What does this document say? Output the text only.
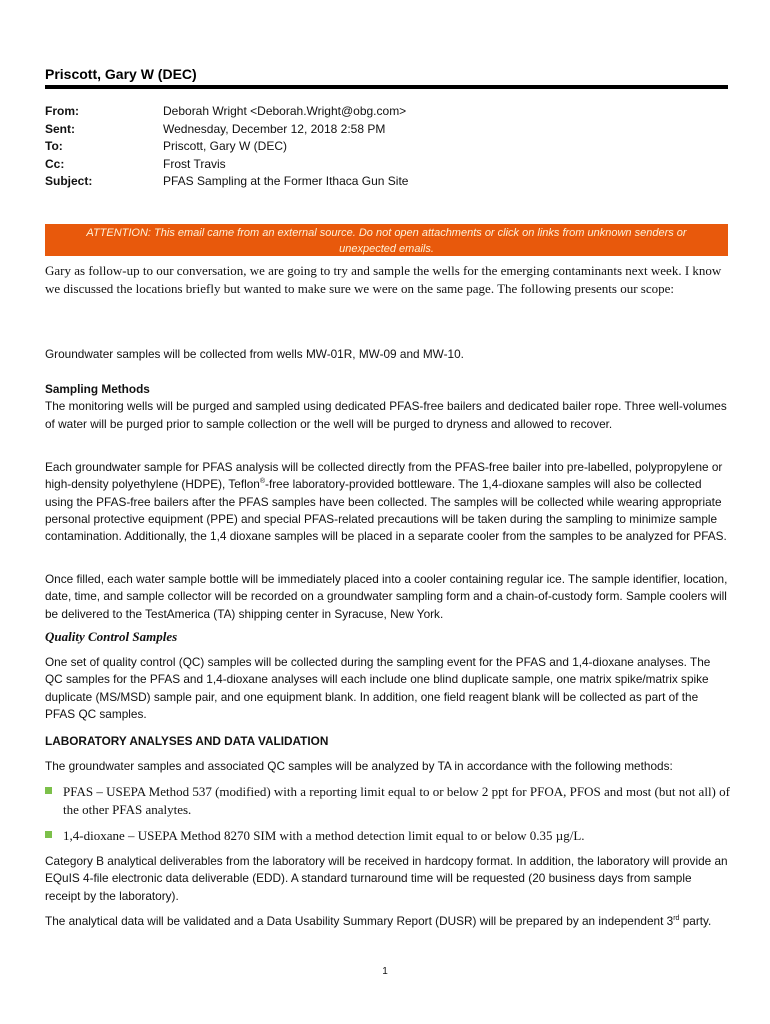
Priscott, Gary W (DEC)
From:	Deborah Wright <Deborah.Wright@obg.com>
Sent:	Wednesday, December 12, 2018 2:58 PM
To:	Priscott, Gary W (DEC)
Cc:	Frost Travis
Subject:	PFAS Sampling at the Former Ithaca Gun Site
ATTENTION: This email came from an external source. Do not open attachments or click on links from unknown senders or unexpected emails.
Gary as follow-up to our conversation, we are going to try and sample the wells for the emerging contaminants next week. I know we discussed the locations briefly but wanted to make sure we were on the same page. The following presents our scope:

Groundwater samples will be collected from wells MW-01R, MW-09 and MW-10.

Sampling Methods

The monitoring wells will be purged and sampled using dedicated PFAS-free bailers and dedicated bailer rope. Three well-volumes of water will be purged prior to sample collection or the well will be purged to dryness and allowed to recover.

Each groundwater sample for PFAS analysis will be collected directly from the PFAS-free bailer into pre-labelled, polypropylene or high-density polyethylene (HDPE), Teflon®-free laboratory-provided bottleware. The 1,4-dioxane samples will also be collected using the PFAS-free bailers after the PFAS samples have been collected. The samples will be collected while wearing appropriate personal protective equipment (PPE) and special PFAS-related precautions will be taken during the sampling to minimize sample contamination. Additionally, the 1,4 dioxane samples will be placed in a separate cooler from the samples to be analyzed for PFAS.

Once filled, each water sample bottle will be immediately placed into a cooler containing regular ice. The sample identifier, location, date, time, and sample collector will be recorded on a groundwater sampling form and a chain-of-custody form. Sample coolers will be delivered to the TestAmerica (TA) shipping center in Syracuse, New York.

Quality Control Samples

One set of quality control (QC) samples will be collected during the sampling event for the PFAS and 1,4-dioxane analyses. The QC samples for the PFAS and 1,4-dioxane analyses will each include one blind duplicate sample, one matrix spike/matrix spike duplicate (MS/MSD) sample pair, and one equipment blank. In addition, one field reagent blank will be collected as part of the PFAS QC samples.

LABORATORY ANALYSES AND DATA VALIDATION

The groundwater samples and associated QC samples will be analyzed by TA in accordance with the following methods:

PFAS – USEPA Method 537 (modified) with a reporting limit equal to or below 2 ppt for PFOA, PFOS and most (but not all) of the other PFAS analytes.
1,4-dioxane – USEPA Method 8270 SIM with a method detection limit equal to or below 0.35 µg/L.

Category B analytical deliverables from the laboratory will be received in hardcopy format. In addition, the laboratory will provide an EQuIS 4-file electronic data deliverable (EDD). A standard turnaround time will be requested (20 business days from sample receipt by the laboratory).

The analytical data will be validated and a Data Usability Summary Report (DUSR) will be prepared by an independent 3rd party.

1
